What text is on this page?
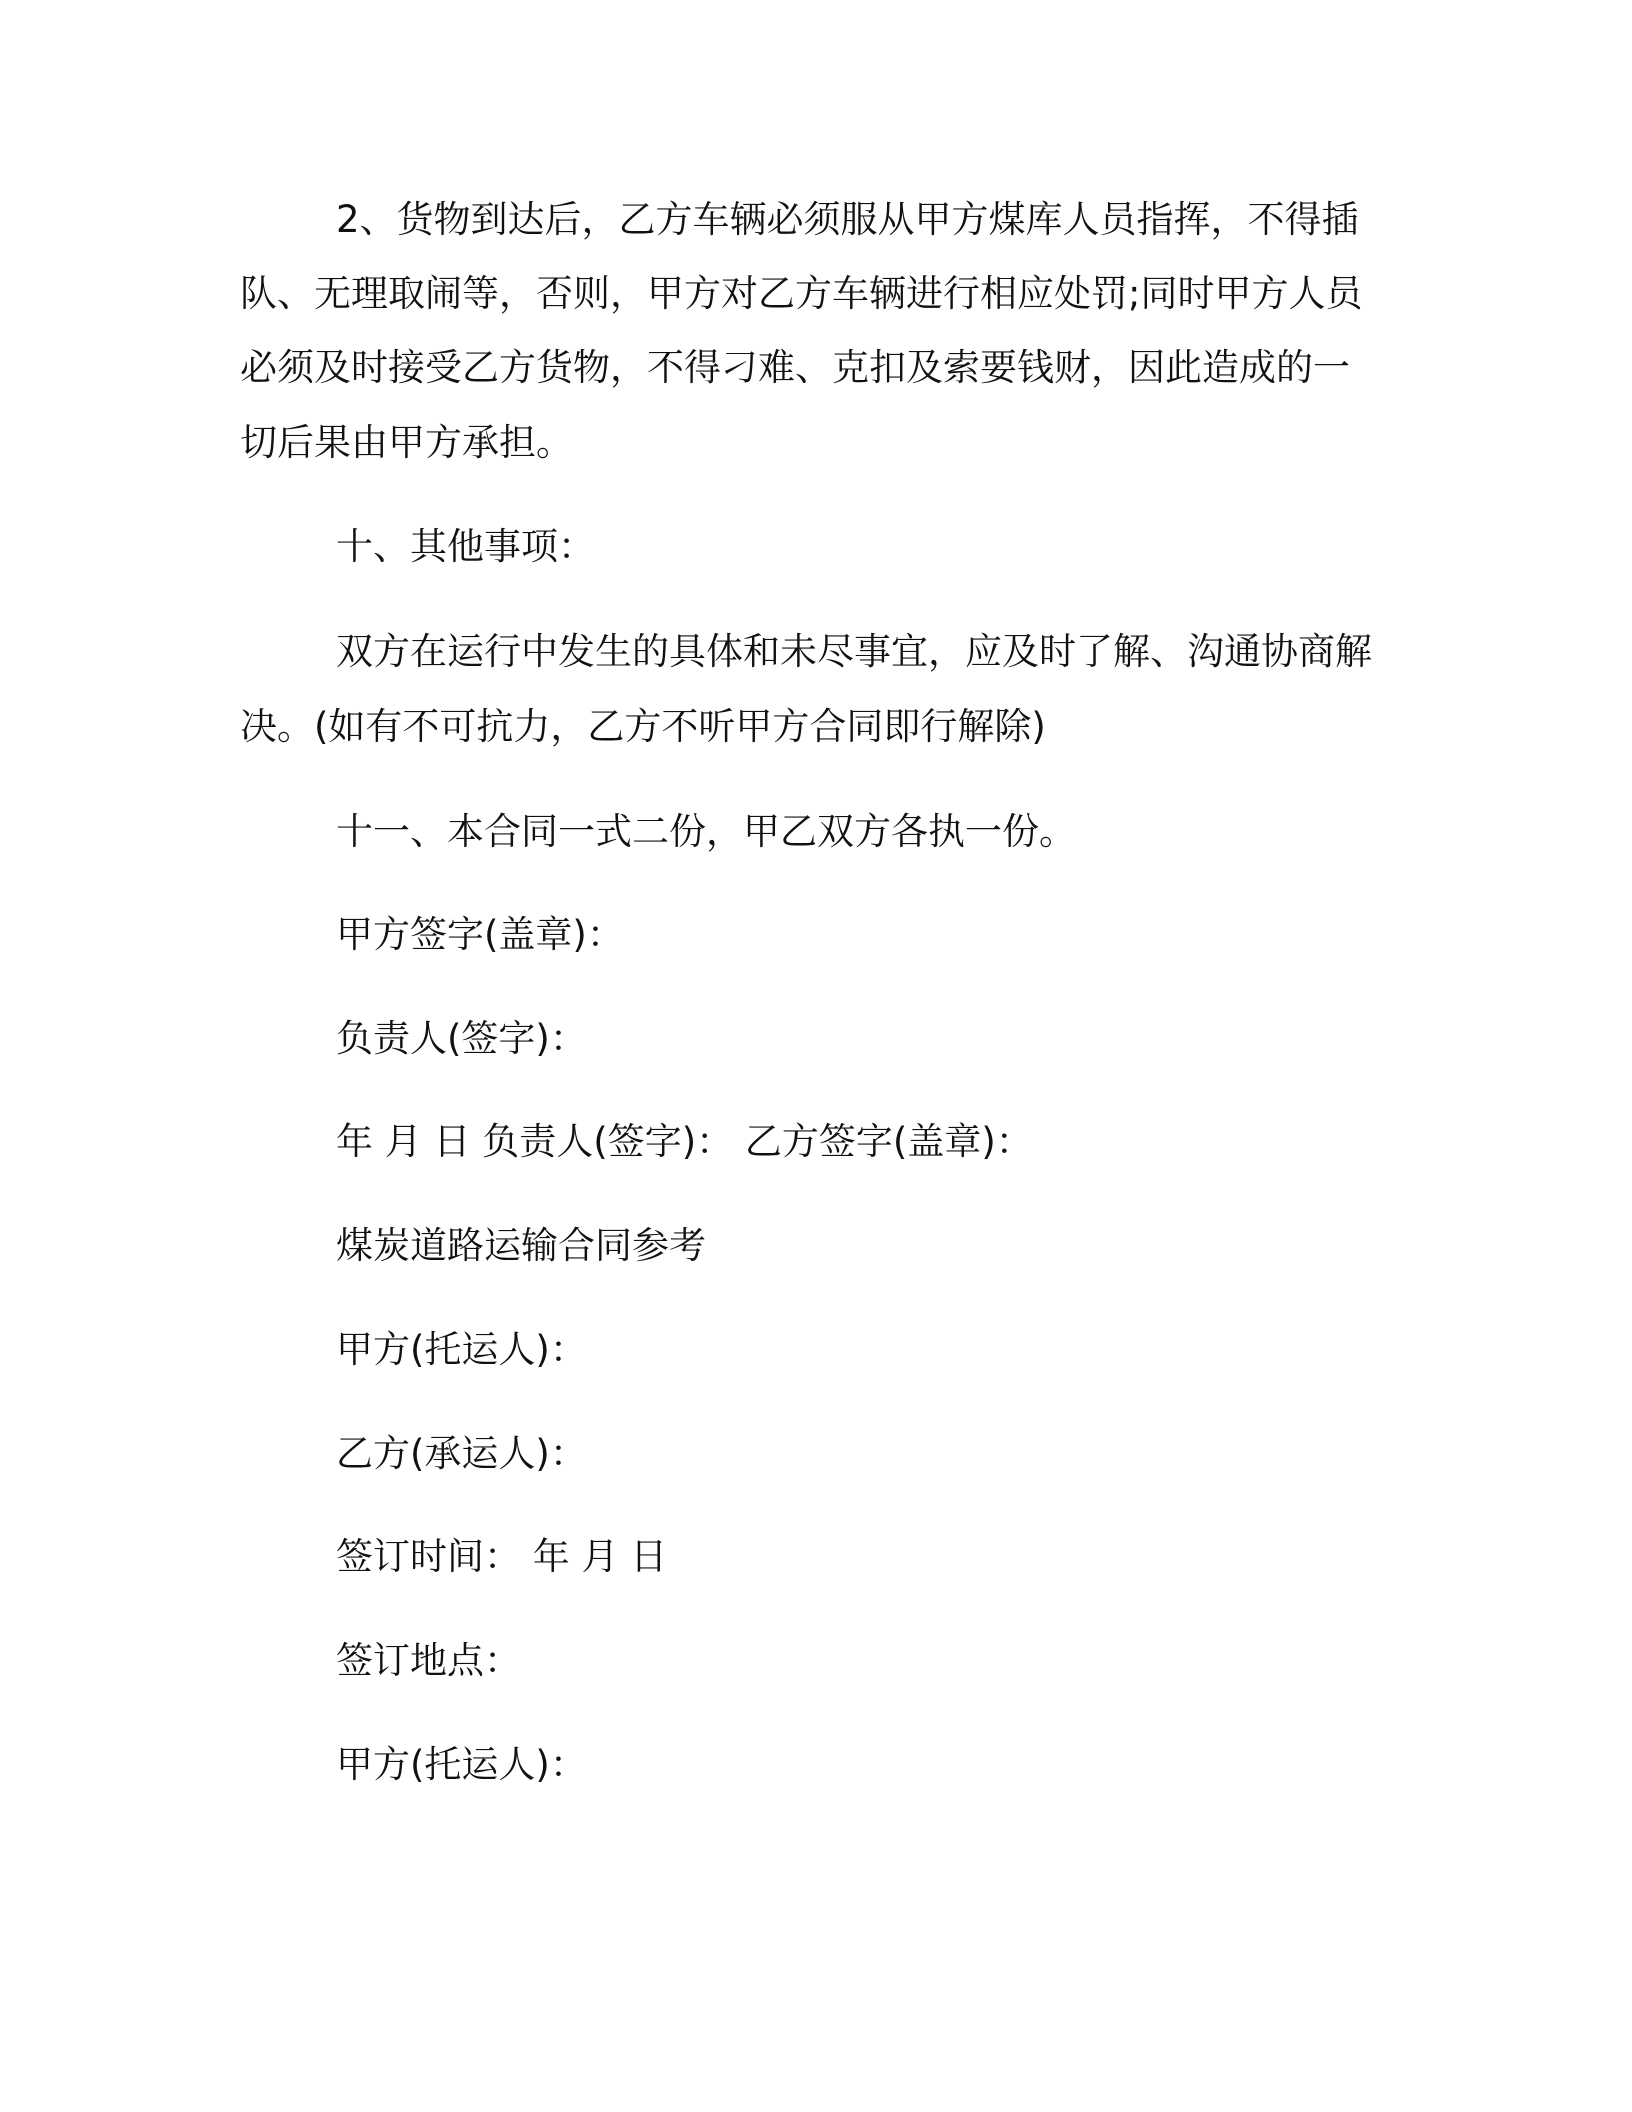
2、货物到达后，乙方车辆必须服从甲方煤库人员指挥，不得插
队、无理取闹等，否则，甲方对乙方车辆进行相应处罚;同时甲方人员
必须及时接受乙方货物，不得刁难、克扣及索要钱财，因此造成的一
切后果由甲方承担。
十、其他事项：
双方在运行中发生的具体和未尽事宜，应及时了解、沟通协商解
决。(如有不可抗力，乙方不听甲方合同即行解除)
十一、本合同一式二份，甲乙双方各执一份。
甲方签字(盖章)：
负责人(签字)：
年 月 日 负责人(签字)： 乙方签字(盖章)：
煤炭道路运输合同参考
甲方(托运人)：
乙方(承运人)：
签订时间： 年 月 日
签订地点：
甲方(托运人)：
